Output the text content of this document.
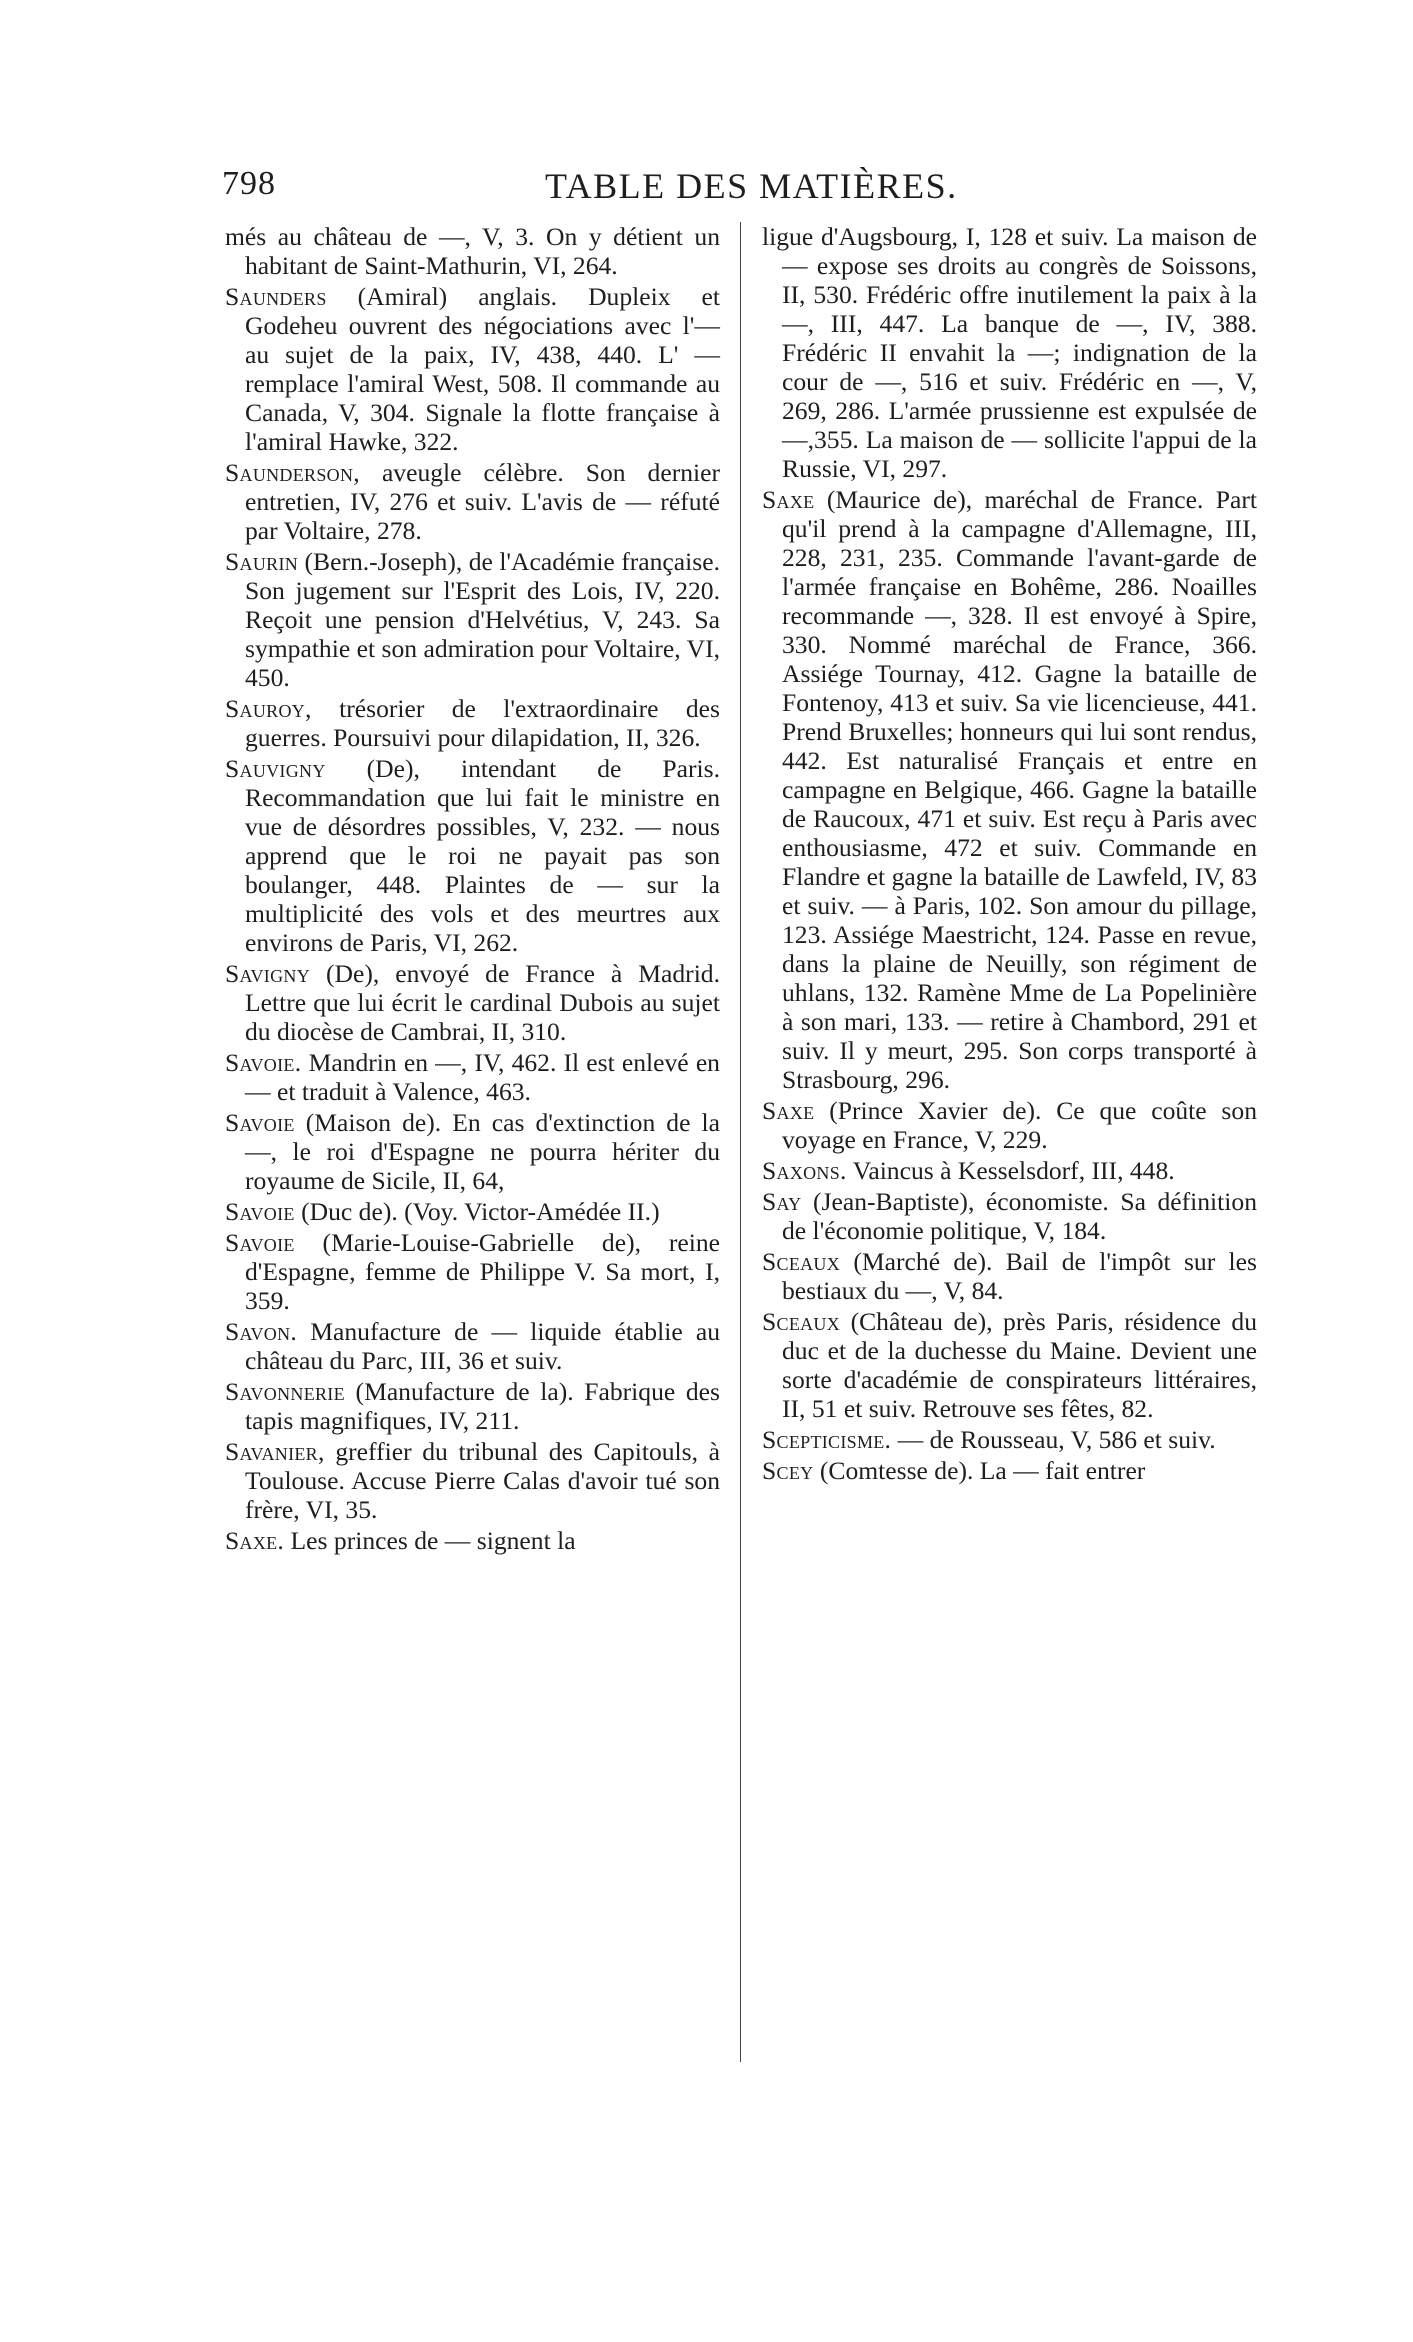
798	TABLE DES MATIÈRES.

més au château de —, V, 3. On y détient un habitant de Saint-Mathurin, VI, 264.

Saunders (Amiral) anglais. Dupleix et Godeheu ouvrent des négociations avec l'— au sujet de la paix, IV, 438, 440. L' — remplace l'amiral West, 508. Il commande au Canada, V, 304. Signale la flotte française à l'amiral Hawke, 322.

Saunderson, aveugle célèbre. Son dernier entretien, IV, 276 et suiv. L'avis de — réfuté par Voltaire, 278.

Saurin (Bern.-Joseph), de l'Académie française. Son jugement sur l'Esprit des Lois, IV, 220. Reçoit une pension d'Helvétius, V, 243. Sa sympathie et son admiration pour Voltaire, VI, 450.

Sauroy, trésorier de l'extraordinaire des guerres. Poursuivi pour dilapidation, II, 326.

Sauvigny (De), intendant de Paris. Recommandation que lui fait le ministre en vue de désordres possibles, V, 232. — nous apprend que le roi ne payait pas son boulanger, 448. Plaintes de — sur la multiplicité des vols et des meurtres aux environs de Paris, VI, 262.

Savigny (De), envoyé de France à Madrid. Lettre que lui écrit le cardinal Dubois au sujet du diocèse de Cambrai, II, 310.

Savoie. Mandrin en —, IV, 462. Il est enlevé en — et traduit à Valence, 463.

Savoie (Maison de). En cas d'extinction de la —, le roi d'Espagne ne pourra hériter du royaume de Sicile, II, 64,

Savoie (Duc de). (Voy. Victor-Amédée II.)

Savoie (Marie-Louise-Gabrielle de), reine d'Espagne, femme de Philippe V. Sa mort, I, 359.

Savon. Manufacture de — liquide établie au château du Parc, III, 36 et suiv.

Savonnerie (Manufacture de la). Fabrique des tapis magnifiques, IV, 211.

Savanier, greffier du tribunal des Capitouls, à Toulouse. Accuse Pierre Calas d'avoir tué son frère, VI, 35.

Saxe. Les princes de — signent la

ligue d'Augsbourg, I, 128 et suiv. La maison de — expose ses droits au congrès de Soissons, II, 530. Frédéric offre inutilement la paix à la —, III, 447. La banque de —, IV, 388. Frédéric II envahit la —; indignation de la cour de —, 516 et suiv. Frédéric en —, V, 269, 286. L'armée prussienne est expulsée de —,355. La maison de — sollicite l'appui de la Russie, VI, 297.

Saxe (Maurice de), maréchal de France. Part qu'il prend à la campagne d'Allemagne, III, 228, 231, 235. Commande l'avant-garde de l'armée française en Bohême, 286. Noailles recommande —, 328. Il est envoyé à Spire, 330. Nommé maréchal de France, 366. Assiége Tournay, 412. Gagne la bataille de Fontenoy, 413 et suiv. Sa vie licencieuse, 441. Prend Bruxelles; honneurs qui lui sont rendus, 442. Est naturalisé Français et entre en campagne en Belgique, 466. Gagne la bataille de Raucoux, 471 et suiv. Est reçu à Paris avec enthousiasme, 472 et suiv. Commande en Flandre et gagne la bataille de Lawfeld, IV, 83 et suiv. — à Paris, 102. Son amour du pillage, 123. Assiége Maestricht, 124. Passe en revue, dans la plaine de Neuilly, son régiment de uhlans, 132. Ramène Mme de La Popelinière à son mari, 133. — retire à Chambord, 291 et suiv. Il y meurt, 295. Son corps transporté à Strasbourg, 296.

Saxe (Prince Xavier de). Ce que coûte son voyage en France, V, 229.

Saxons. Vaincus à Kesselsdorf, III, 448.

Say (Jean-Baptiste), économiste. Sa définition de l'économie politique, V, 184.

Sceaux (Marché de). Bail de l'impôt sur les bestiaux du —, V, 84.

Sceaux (Château de), près Paris, résidence du duc et de la duchesse du Maine. Devient une sorte d'académie de conspirateurs littéraires, II, 51 et suiv. Retrouve ses fêtes, 82.

Scepticisme. — de Rousseau, V, 586 et suiv.

Scey (Comtesse de). La — fait entrer
